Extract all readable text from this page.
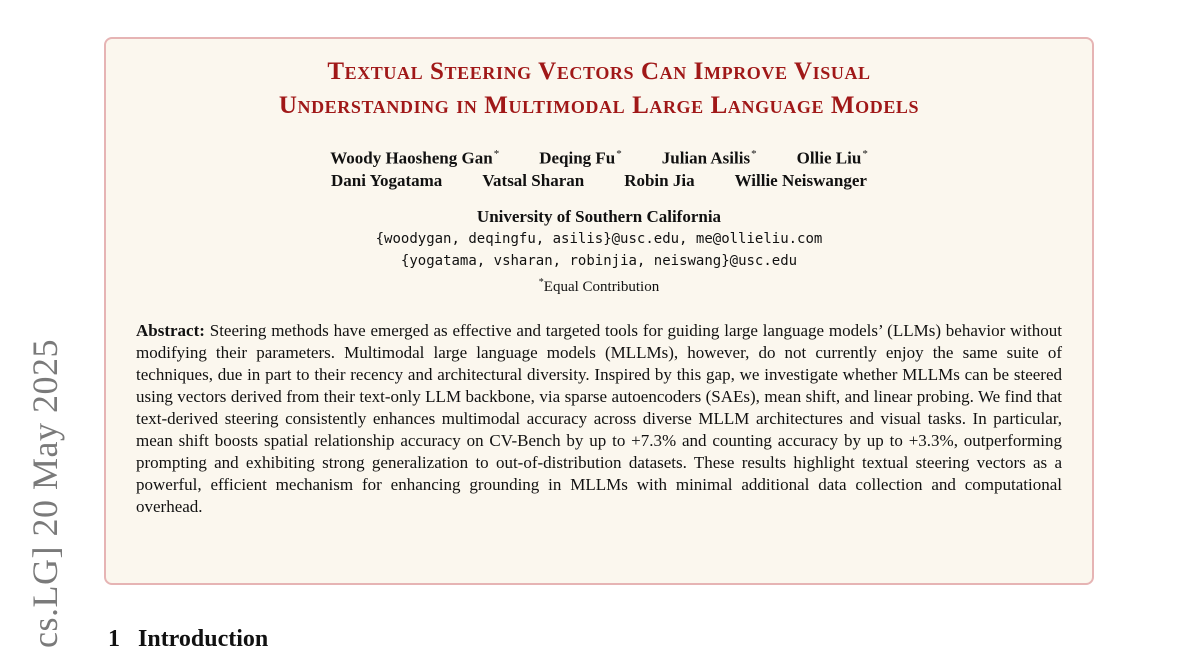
cs.LG] 20 May 2025
Textual Steering Vectors Can Improve Visual
Understanding in Multimodal Large Language Models
Woody Haosheng Gan* Deqing Fu* Julian Asilis* Ollie Liu*
Dani Yogatama Vatsal Sharan Robin Jia Willie Neiswanger
University of Southern California
{woodygan, deqingfu, asilis}@usc.edu, me@ollieliu.com
{yogatama, vsharan, robinjia, neiswang}@usc.edu
*Equal Contribution
Abstract: Steering methods have emerged as effective and targeted tools for guiding large language models’ (LLMs) behavior without modifying their parameters. Multimodal large language models (MLLMs), however, do not currently enjoy the same suite of techniques, due in part to their recency and architectural diversity. Inspired by this gap, we investigate whether MLLMs can be steered using vectors derived from their text-only LLM backbone, via sparse autoencoders (SAEs), mean shift, and linear probing. We find that text-derived steering consistently enhances multimodal accuracy across diverse MLLM architectures and visual tasks. In particular, mean shift boosts spatial relationship accuracy on CV-Bench by up to +7.3% and counting accuracy by up to +3.3%, outperforming prompting and exhibiting strong generalization to out-of-distribution datasets. These results highlight textual steering vectors as a powerful, efficient mechanism for enhancing grounding in MLLMs with minimal additional data collection and computational overhead.
1 Introduction
